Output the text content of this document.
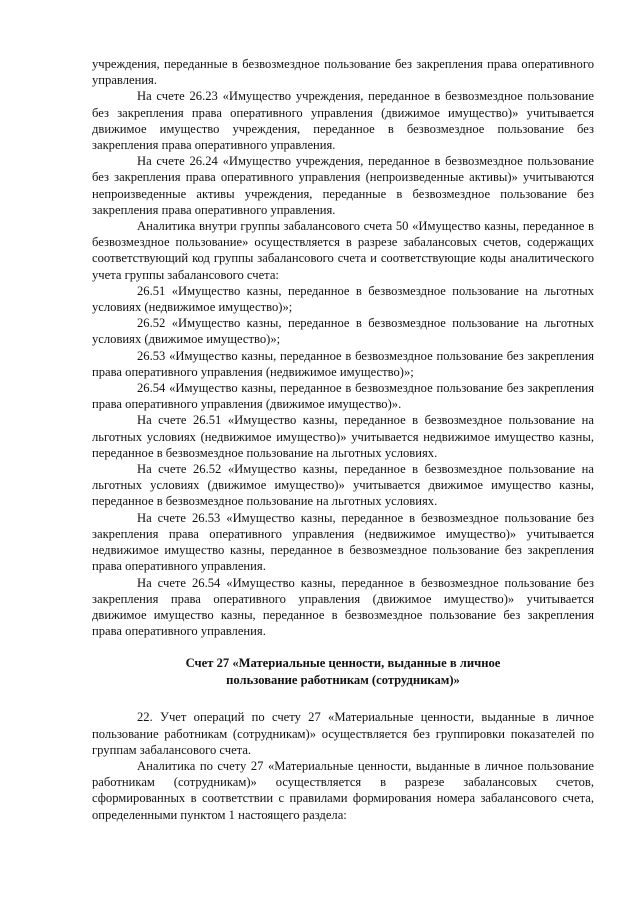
учреждения, переданные в безвозмездное пользование без закрепления права оперативного управления.

На счете 26.23 «Имущество учреждения, переданное в безвозмездное пользование без закрепления права оперативного управления (движимое имущество)» учитывается движимое имущество учреждения, переданное в безвозмездное пользование без закрепления права оперативного управления.

На счете 26.24 «Имущество учреждения, переданное в безвозмездное пользование без закрепления права оперативного управления (непроизведенные активы)» учитываются непроизведенные активы учреждения, переданные в безвозмездное пользование без закрепления права оперативного управления.

Аналитика внутри группы забалансового счета 50 «Имущество казны, переданное в безвозмездное пользование» осуществляется в разрезе забалансовых счетов, содержащих соответствующий код группы забалансового счета и соответствующие коды аналитического учета группы забалансового счета:

26.51 «Имущество казны, переданное в безвозмездное пользование на льготных условиях (недвижимое имущество)»;

26.52 «Имущество казны, переданное в безвозмездное пользование на льготных условиях (движимое имущество)»;

26.53 «Имущество казны, переданное в безвозмездное пользование без закрепления права оперативного управления (недвижимое имущество)»;

26.54 «Имущество казны, переданное в безвозмездное пользование без закрепления права оперативного управления (движимое имущество)».

На счете 26.51 «Имущество казны, переданное в безвозмездное пользование на льготных условиях (недвижимое имущество)» учитывается недвижимое имущество казны, переданное в безвозмездное пользование на льготных условиях.

На счете 26.52 «Имущество казны, переданное в безвозмездное пользование на льготных условиях (движимое имущество)» учитывается движимое имущество казны, переданное в безвозмездное пользование на льготных условиях.

На счете 26.53 «Имущество казны, переданное в безвозмездное пользование без закрепления права оперативного управления (недвижимое имущество)» учитывается недвижимое имущество казны, переданное в безвозмездное пользование без закрепления права оперативного управления.

На счете 26.54 «Имущество казны, переданное в безвозмездное пользование без закрепления права оперативного управления (движимое имущество)» учитывается движимое имущество казны, переданное в безвозмездное пользование без закрепления права оперативного управления.

Счет 27 «Материальные ценности, выданные в личное
пользование работникам (сотрудникам)»

22. Учет операций по счету 27 «Материальные ценности, выданные в личное пользование работникам (сотрудникам)» осуществляется без группировки показателей по группам забалансового счета.

Аналитика по счету 27 «Материальные ценности, выданные в личное пользование работникам (сотрудникам)» осуществляется в разрезе забалансовых счетов, сформированных в соответствии с правилами формирования номера забалансового счета, определенными пунктом 1 настоящего раздела:
